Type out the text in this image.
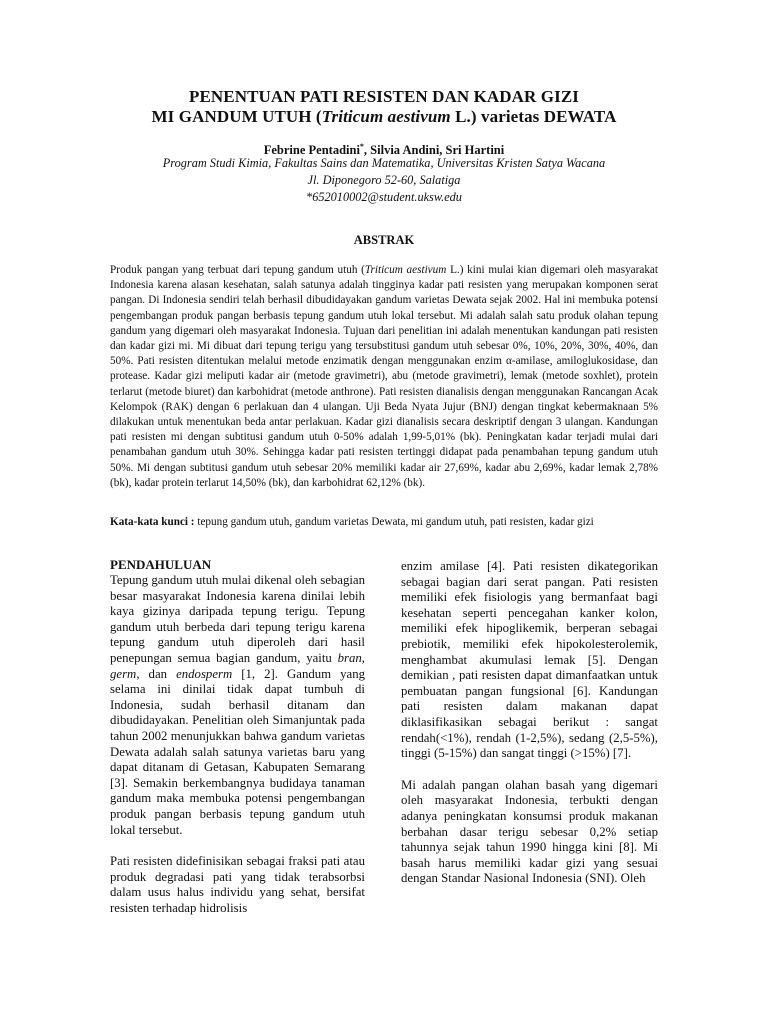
PENENTUAN PATI RESISTEN DAN KADAR GIZI
MI GANDUM UTUH (Triticum aestivum L.) varietas DEWATA
Febrine Pentadini*, Silvia Andini, Sri Hartini
Program Studi Kimia, Fakultas Sains dan Matematika, Universitas Kristen Satya Wacana
Jl. Diponegoro 52-60, Salatiga
*652010002@student.uksw.edu
ABSTRAK

Produk pangan yang terbuat dari tepung gandum utuh (Triticum aestivum L.) kini mulai kian digemari oleh masyarakat Indonesia karena alasan kesehatan, salah satunya adalah tingginya kadar pati resisten yang merupakan komponen serat pangan. Di Indonesia sendiri telah berhasil dibudidayakan gandum varietas Dewata sejak 2002. Hal ini membuka potensi pengembangan produk pangan berbasis tepung gandum utuh lokal tersebut. Mi adalah salah satu produk olahan tepung gandum yang digemari oleh masyarakat Indonesia. Tujuan dari penelitian ini adalah menentukan kandungan pati resisten dan kadar gizi mi. Mi dibuat dari tepung terigu yang tersubstitusi gandum utuh sebesar 0%, 10%, 20%, 30%, 40%, dan 50%. Pati resisten ditentukan melalui metode enzimatik dengan menggunakan enzim α-amilase, amiloglukosidase, dan protease. Kadar gizi meliputi kadar air (metode gravimetri), abu (metode gravimetri), lemak (metode soxhlet), protein terlarut (metode biuret) dan karbohidrat (metode anthrone). Pati resisten dianalisis dengan menggunakan Rancangan Acak Kelompok (RAK) dengan 6 perlakuan dan 4 ulangan. Uji Beda Nyata Jujur (BNJ) dengan tingkat kebermaknaan 5% dilakukan untuk menentukan beda antar perlakuan. Kadar gizi dianalisis secara deskriptif dengan 3 ulangan. Kandungan pati resisten mi dengan subtitusi gandum utuh 0-50% adalah 1,99-5,01% (bk). Peningkatan kadar terjadi mulai dari penambahan gandum utuh 30%. Sehingga kadar pati resisten tertinggi didapat pada penambahan tepung gandum utuh 50%. Mi dengan subtitusi gandum utuh sebesar 20% memiliki kadar air 27,69%, kadar abu 2,69%, kadar lemak 2,78% (bk), kadar protein terlarut 14,50% (bk), dan karbohidrat 62,12% (bk).

Kata-kata kunci : tepung gandum utuh, gandum varietas Dewata, mi gandum utuh, pati resisten, kadar gizi

PENDAHULUAN

Tepung gandum utuh mulai dikenal oleh sebagian besar masyarakat Indonesia karena dinilai lebih kaya gizinya daripada tepung terigu. Tepung gandum utuh berbeda dari tepung terigu karena tepung gandum utuh diperoleh dari hasil penepungan semua bagian gandum, yaitu bran, germ, dan endosperm [1, 2]. Gandum yang selama ini dinilai tidak dapat tumbuh di Indonesia, sudah berhasil ditanam dan dibudidayakan. Penelitian oleh Simanjuntak pada tahun 2002 menunjukkan bahwa gandum varietas Dewata adalah salah satunya varietas baru yang dapat ditanam di Getasan, Kabupaten Semarang [3]. Semakin berkembangnya budidaya tanaman gandum maka membuka potensi pengembangan produk pangan berbasis tepung gandum utuh lokal tersebut.

Pati resisten didefinisikan sebagai fraksi pati atau produk degradasi pati yang tidak terabsorbsi dalam usus halus individu yang sehat, bersifat resisten terhadap hidrolisis

enzim amilase [4]. Pati resisten dikategorikan sebagai bagian dari serat pangan. Pati resisten memiliki efek fisiologis yang bermanfaat bagi kesehatan seperti pencegahan kanker kolon, memiliki efek hipoglikemik, berperan sebagai prebiotik, memiliki efek hipokolesterolemik, menghambat akumulasi lemak [5]. Dengan demikian , pati resisten dapat dimanfaatkan untuk pembuatan pangan fungsional [6]. Kandungan pati resisten dalam makanan dapat diklasifikasikan sebagai berikut : sangat rendah(<1%), rendah (1-2,5%), sedang (2,5-5%), tinggi (5-15%) dan sangat tinggi (>15%) [7].

Mi adalah pangan olahan basah yang digemari oleh masyarakat Indonesia, terbukti dengan adanya peningkatan konsumsi produk makanan berbahan dasar terigu sebesar 0,2% setiap tahunnya sejak tahun 1990 hingga kini [8]. Mi basah harus memiliki kadar gizi yang sesuai dengan Standar Nasional Indonesia (SNI). Oleh
